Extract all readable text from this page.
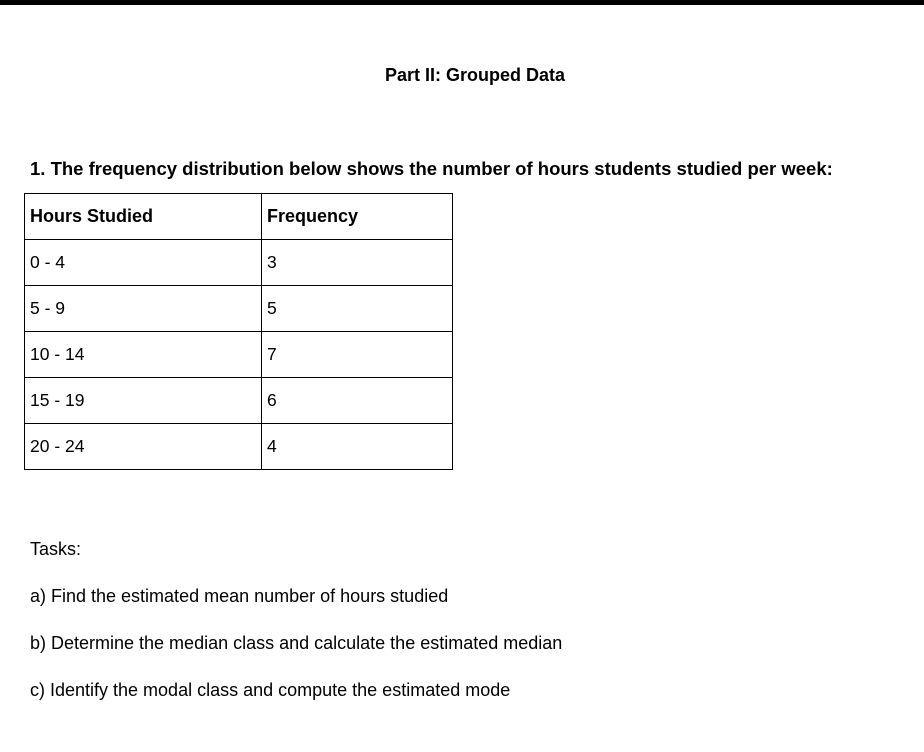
Part II: Grouped Data
1. The frequency distribution below shows the number of hours students studied per week:
Hours Studied	Frequency
0 - 4	3
5 - 9	5
10 - 14	7
15 - 19	6
20 - 24	4
Tasks:
a) Find the estimated mean number of hours studied
b) Determine the median class and calculate the estimated median
c) Identify the modal class and compute the estimated mode
